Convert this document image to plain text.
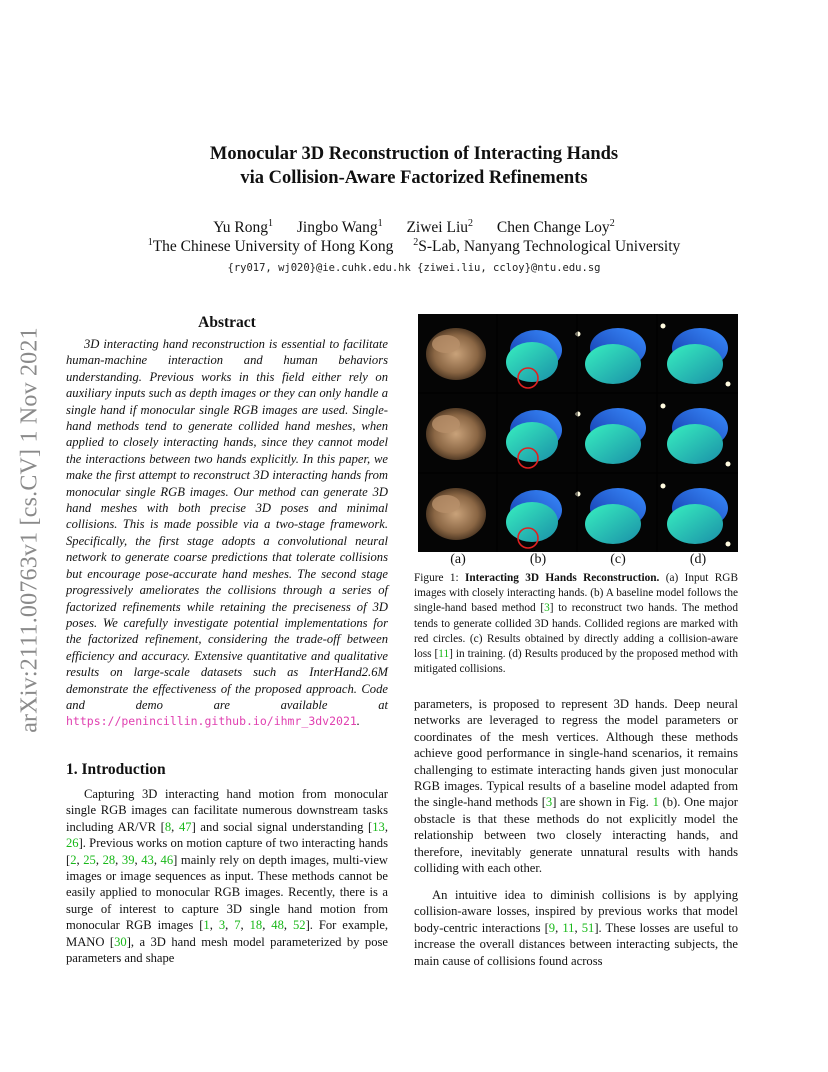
Monocular 3D Reconstruction of Interacting Hands
via Collision-Aware Factorized Refinements
Yu Rong$^1$ Jingbo Wang$^1$ Ziwei Liu$^2$ Chen Change Loy$^2$
$^1$The Chinese University of Hong Kong $^2$S-Lab, Nanyang Technological University
{ry017, wj020}@ie.cuhk.edu.hk {ziwei.liu, ccloy}@ntu.edu.sg
arXiv:2111.00763v1 [cs.CV] 1 Nov 2021
Abstract
3D interacting hand reconstruction is essential to facilitate human-machine interaction and human behaviors understanding. Previous works in this field either rely on auxiliary inputs such as depth images or they can only handle a single hand if monocular single RGB images are used. Single-hand methods tend to generate collided hand meshes, when applied to closely interacting hands, since they cannot model the interactions between two hands explicitly. In this paper, we make the first attempt to reconstruct 3D interacting hands from monocular single RGB images. Our method can generate 3D hand meshes with both precise 3D poses and minimal collisions. This is made possible via a two-stage framework. Specifically, the first stage adopts a convolutional neural network to generate coarse predictions that tolerate collisions but encourage pose-accurate hand meshes. The second stage progressively ameliorates the collisions through a series of factorized refinements while retaining the preciseness of 3D poses. We carefully investigate potential implementations for the factorized refinement, considering the trade-off between efficiency and accuracy. Extensive quantitative and qualitative results on large-scale datasets such as InterHand2.6M demonstrate the effectiveness of the proposed approach. Code and demo are available at https://penincillin.github.io/ihmr_3dv2021.
1. Introduction
Capturing 3D interacting hand motion from monocular single RGB images can facilitate numerous downstream tasks including AR/VR [8, 47] and social signal understanding [13, 26]. Previous works on motion capture of two interacting hands [2, 25, 28, 39, 43, 46] mainly rely on depth images, multi-view images or image sequences as input. These methods cannot be easily applied to monocular RGB images. Recently, there is a surge of interest to capture 3D single hand motion from monocular RGB images [1, 3, 7, 18, 48, 52]. For example, MANO [30], a 3D hand mesh model parameterized by pose parameters and shape
(a)	(b)	(c)	(d)
Figure 1: Interacting 3D Hands Reconstruction. (a) Input RGB images with closely interacting hands. (b) A baseline model follows the single-hand based method [3] to reconstruct two hands. The method tends to generate collided 3D hands. Collided regions are marked with red circles. (c) Results obtained by directly adding a collision-aware loss [11] in training. (d) Results produced by the proposed method with mitigated collisions.
parameters, is proposed to represent 3D hands. Deep neural networks are leveraged to regress the model parameters or coordinates of the mesh vertices. Although these methods achieve good performance in single-hand scenarios, it remains challenging to estimate interacting hands given just monocular RGB images. Typical results of a baseline model adapted from the single-hand methods [3] are shown in Fig. 1 (b). One major obstacle is that these methods do not explicitly model the relationship between two closely interacting hands, and therefore, inevitably generate unnatural results with hands colliding with each other.
An intuitive idea to diminish collisions is by applying collision-aware losses, inspired by previous works that model body-centric interactions [9, 11, 51]. These losses are useful to increase the overall distances between interacting subjects, the main cause of collisions found across
